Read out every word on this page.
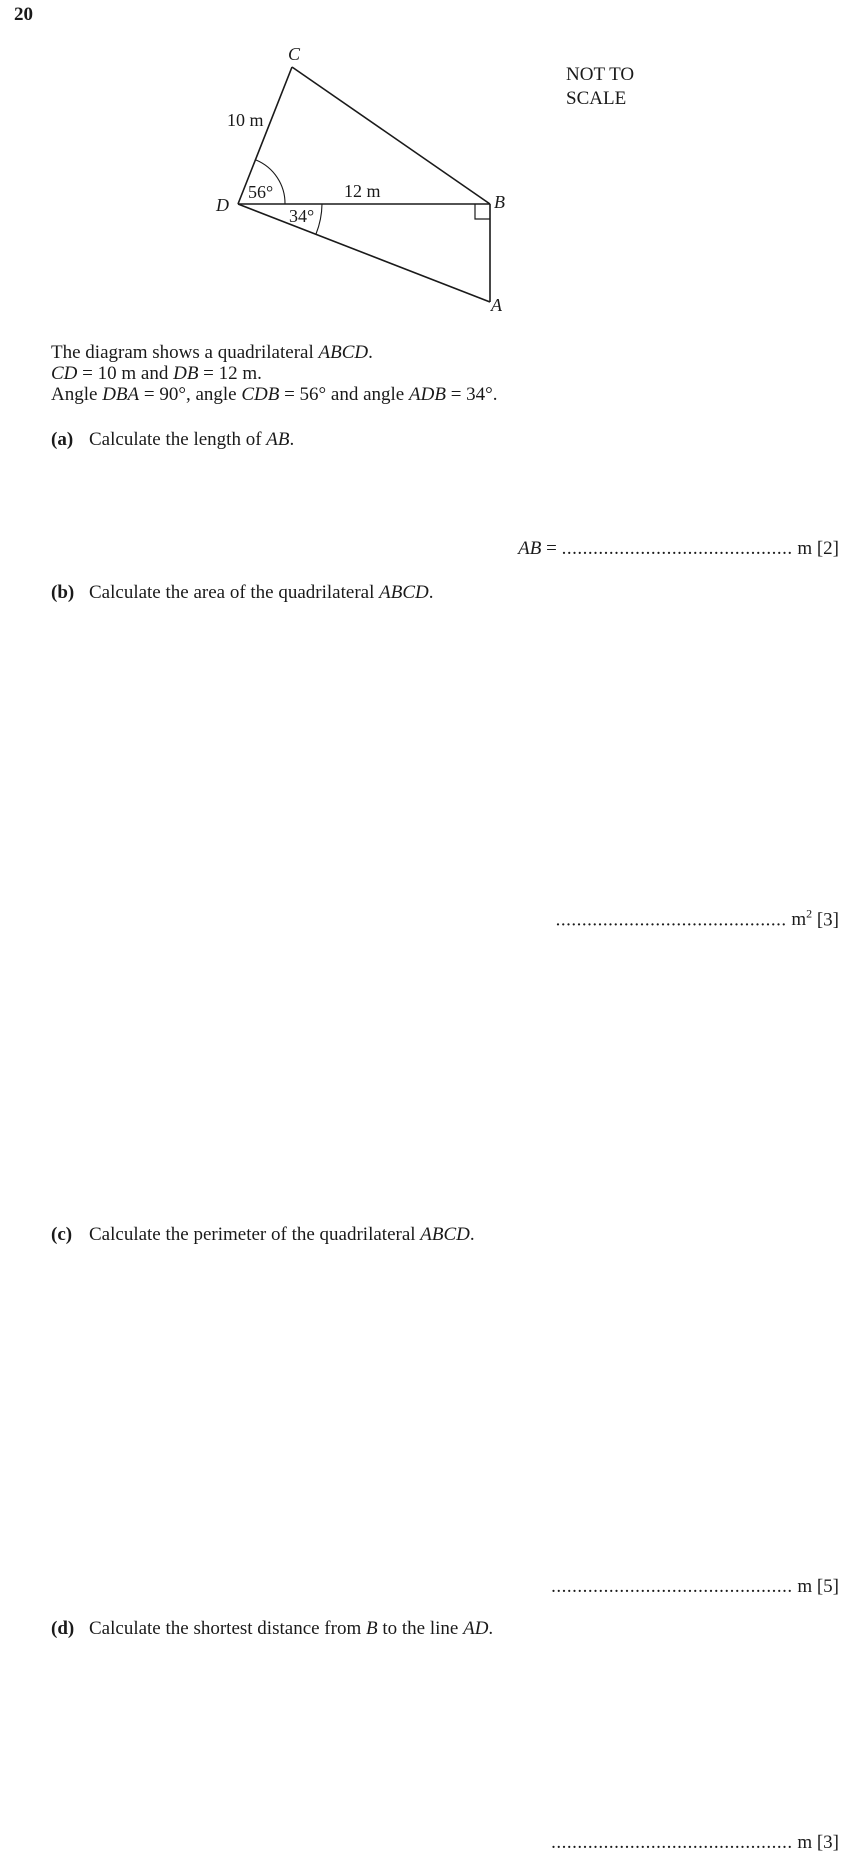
20
NOT TO
SCALE
C
D	B
A
10 m
12 m
56°
34°
The diagram shows a quadrilateral ABCD.
CD = 10 m and DB = 12 m.
Angle DBA = 90°, angle CDB = 56° and angle ADB = 34°.
(a) Calculate the length of AB.
AB = ............................................ m [2]
(b) Calculate the area of the quadrilateral ABCD.
............................................ $m^2$ [3]
(c) Calculate the perimeter of the quadrilateral ABCD.
.............................................. m [5]
(d) Calculate the shortest distance from B to the line AD.
.............................................. m [3]
